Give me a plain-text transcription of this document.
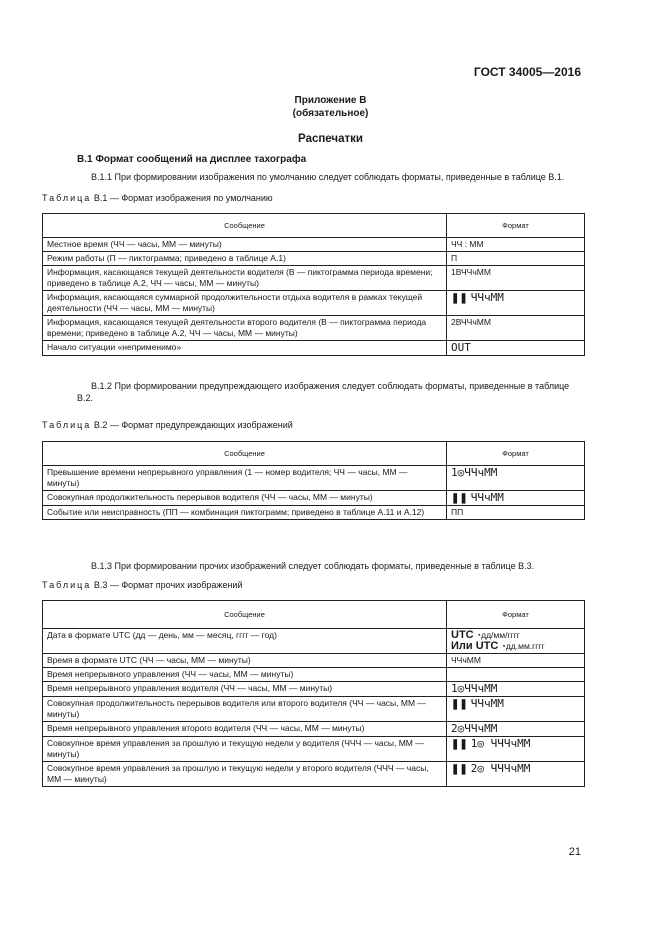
ГОСТ 34005—2016
Приложение В
(обязательное)
Распечатки
В.1 Формат сообщений на дисплее тахографа
В.1.1 При формировании изображения по умолчанию следует соблюдать форматы, приведенные в таблице В.1.
Таблица В.1 — Формат изображения по умолчанию
Сообщение	Формат
Местное время (ЧЧ — часы, ММ — минуты)	ЧЧ : ММ
Режим работы (П — пиктограмма; приведено в таблице А.1)	П
Информация, касающаяся текущей деятельности водителя (В — пиктограмма периода времени; приведено в таблице А.2, ЧЧ — часы, ММ — минуты)	1ВЧЧчММ
Информация, касающаяся суммарной продолжительности отдыха водителя в рамках текущей деятельности (ЧЧ — часы, ММ — минуты)	❚❚ ЧЧчММ
Информация, касающаяся текущей деятельности второго водителя (В — пиктограмма периода времени; приведено в таблице А.2, ЧЧ — часы, ММ — минуты)	2ВЧЧчММ
Начало ситуации «неприменимо»	OUT
В.1.2 При формировании предупреждающего изображения следует соблюдать форматы, приведенные в таблице В.2.
Таблица В.2 — Формат предупреждающих изображений
Сообщение	Формат
Превышение времени непрерывного управления (1 — номер водителя; ЧЧ — часы, ММ — минуты)	1◎ЧЧчММ
Совокупная продолжительность перерывов водителя (ЧЧ — часы, ММ — минуты)	❚❚ ЧЧчММ
Событие или неисправность (ПП — комбинация пиктограмм; приведено в таблице А.11 и А.12)	ПП
В.1.3 При формировании прочих изображений следует соблюдать форматы, приведенные в таблице В.3.
Таблица В.3 — Формат прочих изображений
Сообщение	Формат
Дата в формате UTC (дд — день, мм — месяц, гггг — год)	UTC ◔дд/мм/гггг
Или UTC ◔дд.мм.гггг

Время в формате UTC (ЧЧ — часы, ММ — минуты)	ЧЧчММ
Время непрерывного управления (ЧЧ — часы, ММ — минуты)	
Время непрерывного управления водителя (ЧЧ — часы, ММ — минуты)	1◎ЧЧчММ
Совокупная продолжительность перерывов водителя или второго водителя (ЧЧ — часы, ММ — минуты)	❚❚ ЧЧчММ
Время непрерывного управления второго водителя (ЧЧ — часы, ММ — минуты)	2◎ЧЧчММ
Совокупное время управления за прошлую и текущую недели у водителя (ЧЧЧ — часы, ММ — минуты)	❚❚ 1◎ ЧЧЧчММ
Совокупное время управления за прошлую и текущую недели у второго водителя (ЧЧЧ — часы, ММ — минуты)	❚❚ 2◎ ЧЧЧчММ
21
